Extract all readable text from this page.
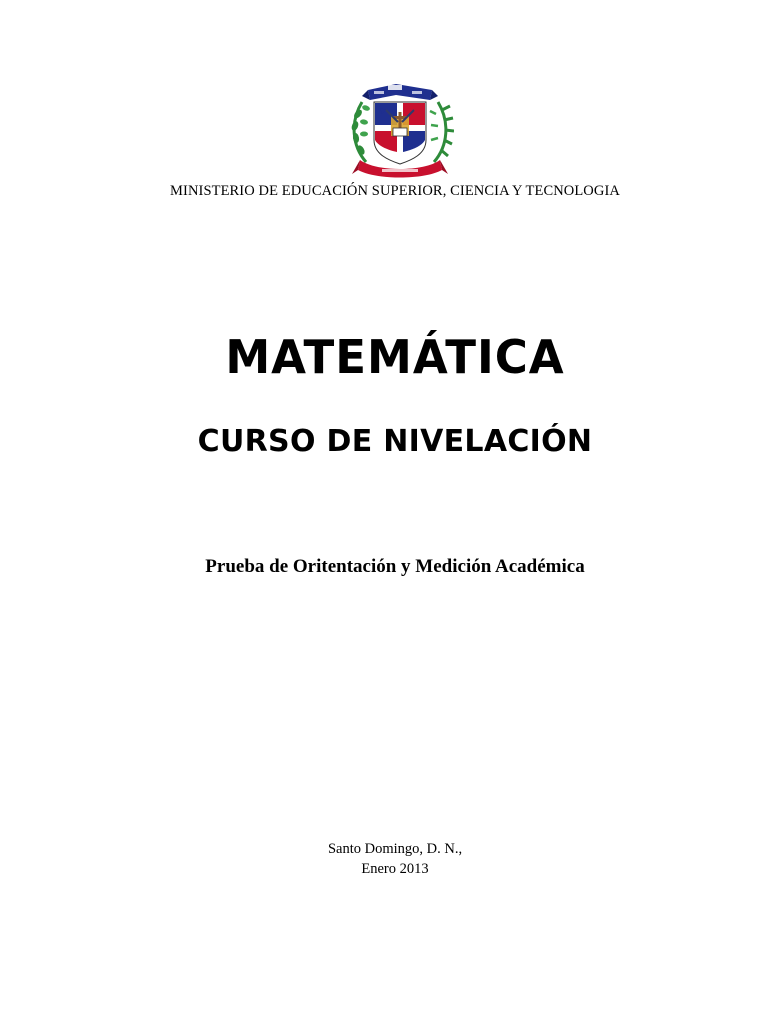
MINISTERIO DE EDUCACIÓN SUPERIOR, CIENCIA Y TECNOLOGIA
MATEMÁTICA
CURSO DE NIVELACIÓN
Prueba de Oritentación y Medición Académica
Santo Domingo, D. N.,
Enero 2013
